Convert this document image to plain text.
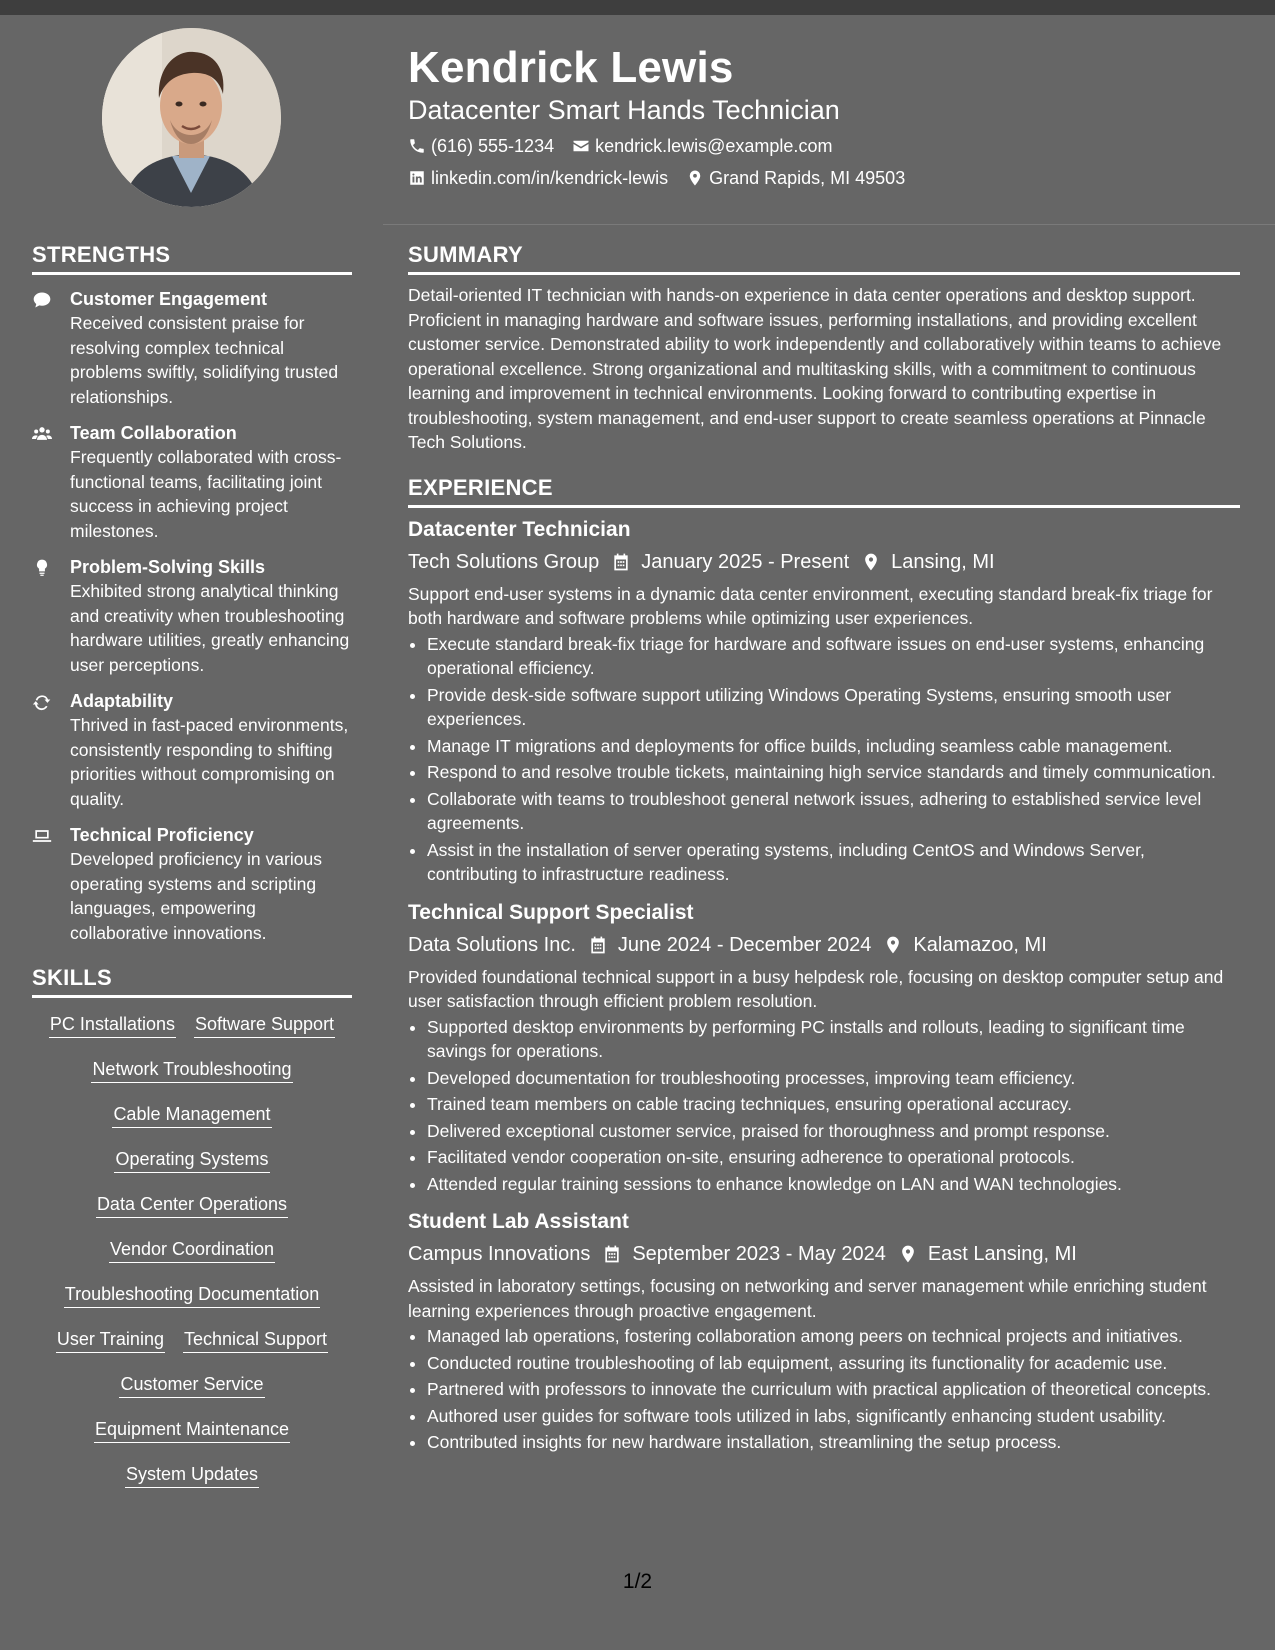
Kendrick Lewis
Datacenter Smart Hands Technician
(616) 555-1234 kendrick.lewis@example.com
linkedin.com/in/kendrick-lewis Grand Rapids, MI 49503
STRENGTHS
Customer Engagement
Received consistent praise for resolving complex technical problems swiftly, solidifying trusted relationships.
Team Collaboration
Frequently collaborated with cross-functional teams, facilitating joint success in achieving project milestones.
Problem-Solving Skills
Exhibited strong analytical thinking and creativity when troubleshooting hardware utilities, greatly enhancing user perceptions.
Adaptability
Thrived in fast-paced environments, consistently responding to shifting priorities without compromising on quality.
Technical Proficiency
Developed proficiency in various operating systems and scripting languages, empowering collaborative innovations.
SKILLS
PC Installations Software Support
Network Troubleshooting
Cable Management
Operating Systems
Data Center Operations
Vendor Coordination
Troubleshooting Documentation
User Training Technical Support
Customer Service
Equipment Maintenance
System Updates
SUMMARY
Detail-oriented IT technician with hands-on experience in data center operations and desktop support. Proficient in managing hardware and software issues, performing installations, and providing excellent customer service. Demonstrated ability to work independently and collaboratively within teams to achieve operational excellence. Strong organizational and multitasking skills, with a commitment to continuous learning and improvement in technical environments. Looking forward to contributing expertise in troubleshooting, system management, and end-user support to create seamless operations at Pinnacle Tech Solutions.
EXPERIENCE
Datacenter Technician
Tech Solutions Group January 2025 - Present Lansing, MI
Support end-user systems in a dynamic data center environment, executing standard break-fix triage for both hardware and software problems while optimizing user experiences.
• Execute standard break-fix triage for hardware and software issues on end-user systems, enhancing operational efficiency.
• Provide desk-side software support utilizing Windows Operating Systems, ensuring smooth user experiences.
• Manage IT migrations and deployments for office builds, including seamless cable management.
• Respond to and resolve trouble tickets, maintaining high service standards and timely communication.
• Collaborate with teams to troubleshoot general network issues, adhering to established service level agreements.
• Assist in the installation of server operating systems, including CentOS and Windows Server, contributing to infrastructure readiness.
Technical Support Specialist
Data Solutions Inc. June 2024 - December 2024 Kalamazoo, MI
Provided foundational technical support in a busy helpdesk role, focusing on desktop computer setup and user satisfaction through efficient problem resolution.
• Supported desktop environments by performing PC installs and rollouts, leading to significant time savings for operations.
• Developed documentation for troubleshooting processes, improving team efficiency.
• Trained team members on cable tracing techniques, ensuring operational accuracy.
• Delivered exceptional customer service, praised for thoroughness and prompt response.
• Facilitated vendor cooperation on-site, ensuring adherence to operational protocols.
• Attended regular training sessions to enhance knowledge on LAN and WAN technologies.
Student Lab Assistant
Campus Innovations September 2023 - May 2024 East Lansing, MI
Assisted in laboratory settings, focusing on networking and server management while enriching student learning experiences through proactive engagement.
• Managed lab operations, fostering collaboration among peers on technical projects and initiatives.
• Conducted routine troubleshooting of lab equipment, assuring its functionality for academic use.
• Partnered with professors to innovate the curriculum with practical application of theoretical concepts.
• Authored user guides for software tools utilized in labs, significantly enhancing student usability.
• Contributed insights for new hardware installation, streamlining the setup process.
1/2
